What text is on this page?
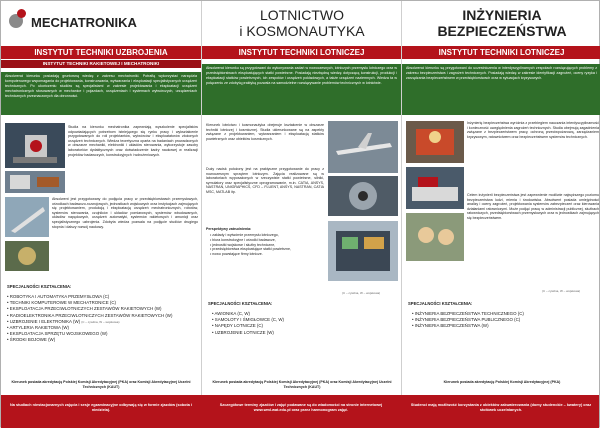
MECHATRONIKA
INSTYTUT TECHNIKI UZBROJENIA
INSTYTUT TECHNIKI RAKIETOWEJ I MECHATRONIKI
Absolwenci kierunku posiadają gruntowną wiedzę z zakresu mechatroniki. Potrafią wykorzystać narzędzia komputerowego wspomagania do projektowania, konstruowania, wytwarzania i eksploatacji specjalistycznych urządzeń technicznych. Po ukończeniu studiów są specjalistami w zakresie projektowania i eksploatacji urządzeń mechatronicznych stosowanych w mechanice i pojazdach, urządzeniach i systemach wytwórczych, urządzeniach technicznych przeznaczonych dla obronności.
Studia na kierunku mechatronika zapewniają wyszkolenie specjalistów odpowiadających potrzebom istniejącego się rynku pracy i wykształcenie przygotowanych do roli projektantów, wytwórców i eksploatatorów złożonych urządzeń technicznych. Wiedza teoretyczna oparta na badaniach prowadzonych w obszarze mechaniki, elektroniki i układów sterowania, wykorzystuje zasoby laboratoriów dydaktycznych oraz doświadczenie kadry naukowej w realizacji projektów badawczych, konstrukcyjnych i wdrożeniowych.
Absolwent jest przygotowany do podjęcia pracy w przedsiębiorstwach przemysłowych, ośrodkach badawczo-rozwojowych, jednostkach wojskowych oraz instytucjach zajmujących się projektowaniem, produkcją i eksploatacją urządzeń mechatronicznych, robotów, systemów sterowania, czujników i układów pomiarowych, systemów wbudowanych, układów napędowych, urządzeń automatyki, systemów rakietowych i amunicji oraz specjalistycznego uzbrojenia. Zdobyta wiedza pozwala na podjęcie studiów drugiego stopnia i dalszy rozwój naukowy.
SPECJALNOŚCI KSZTAŁCENIA:
• ROBOTYKA I AUTOMATYKA PRZEMYSŁOWA (C)
• TECHNIKI KOMPUTEROWE W MECHATRONICE (C)
• EKSPLOATACJA PRZECIWLOTNICZYCH ZESTAWÓW RAKIETOWYCH (W)
• RADIOELEKTRONIKA PRZECIWLOTNICZYCH ZESTAWÓW RAKIETOWYCH (W)
• UZBROJENIE I ELEKTRONIKA (W) (C – cywilna, W – wojskowa)
• ARTYLERIA RAKIETOWA (W)
• EKSPLOATACJA SPRZĘTU WOJSKOWEGO (W)
• ŚRODKI BOJOWE (W)
Kierunek posiada akredytację Polskiej Komisji Akredytacyjnej (PKA) oraz Komisji Akredytacyjnej Uczelni Technicznych (KAUT)
LOTNICTWO
i KOSMONAUTYKA
INSTYTUT TECHNIKI LOTNICZEJ
Absolwenci kierunku są przygotowani do wykonywania zadań w nowoczesnych, lotniczych przemysłu lotniczego oraz w przedsiębiorstwach eksploatujących statki powietrzne. Posiadają niezbędną wiedzę dotyczącą konstrukcji, produkcji i eksploatacji statków powietrznych, ich zespołów i urządzeń pokładowych, a także urządzeń naziemnych. Wiedza ta w połączeniu ze zdobytą praktyką pozwala na samodzielne rozwiązywanie problemów technicznych w lotnictwie.
Kierunek lotnictwo i kosmonautyka obejmuje kształcenie w obszarze techniki lotniczej i kosmicznej. Studia ukierunkowane są na aspekty związane z projektowaniem, wytwarzaniem i eksploatacją statków powietrznych oraz obiektów kosmicznych.
Duży nacisk położony jest na praktyczne przygotowanie do pracy z nowoczesnym sprzętem lotniczym. Zajęcia realizowane są w laboratoriach wyposażonych w rzeczywiste statki powietrzne, silniki, symulatory oraz specjalistyczne oprogramowanie, m.in. CATIA, ANSYS, NASTRAN, UNIGRAPHICS, CFD – FLUENT, ANSYS, NASTRAN, CATIA MSC, MATLAB itp.
Perspektywy zatrudnienia:
• zakłady i wytwórnie przemysłu lotniczego,
• biura konstrukcyjne i ośrodki badawcze,
• jednostki wojskowe i służby techniczne,
• przedsiębiorstwa eksploatujące statki powietrzne,
• nowo powstające firmy lotnicze.
(C – cywilna, W – wojskowa)
SPECJALNOŚCI KSZTAŁCENIA:
• AWIONIKA (C, W)
• SAMOLOTY I ŚMIGŁOWCE (C, W)
• NAPĘDY LOTNICZE (C)
• UZBROJENIE LOTNICZE (W)
Kierunek posiada akredytację Polskiej Komisji Akredytacyjnej (PKA) oraz Komisji Akredytacyjnej Uczelni Technicznych (KAUT)
INŻYNIERIA
BEZPIECZEŃSTWA
INSTYTUT TECHNIKI LOTNICZEJ
Absolwenci kierunku są przygotowani do uczestniczenia w interdyscyplinarnych zespołach rozwiązujących problemy z zakresu bezpieczeństwa i zagrożeń technicznych. Posiadają wiedzę w zakresie identyfikacji zagrożeń, oceny ryzyka i zarządzania bezpieczeństwem w przedsiębiorstwach oraz w sytuacjach kryzysowych.
Inżynierię bezpieczeństwa wyróżnia z przebiegiem nauczania interdyscyplinarność i konieczność uwzględnienia zagrożeń technicznych. Studia obejmują zagadnienia związane z bezpieczeństwem pracy, ochroną przeciwpożarową, zarządzaniem kryzysowym, ratownictwem oraz bezpieczeństwem systemów technicznych.
Celem inżynierii bezpieczeństwa jest zapewnienie możliwie najwyższego poziomu bezpieczeństwa ludzi, mienia i środowiska. Absolwent posiada umiejętności analizy i oceny zagrożeń, projektowania systemów zabezpieczeń oraz kierowania działaniami ratowniczymi. Może podjąć pracę w administracji publicznej, służbach ratowniczych, przedsiębiorstwach przemysłowych oraz w jednostkach zajmujących się bezpieczeństwem.
(C – cywilna, W – wojskowa)
SPECJALNOŚCI KSZTAŁCENIA:
• INŻYNIERIA BEZPIECZEŃSTWA TECHNICZNEGO (C)
• INŻYNIERIA BEZPIECZEŃSTWA PUBLICZNEGO (C)
• INŻYNIERIA BEZPIECZEŃSTWA (W)
Kierunek posiada akredytację Polskiej Komisji Akredytacyjnej (PKA)
Na studiach niestacjonarnych zajęcia i sesje egzaminacyjne odbywają się w formie zjazdów (sobota i niedziela).
Szczegółowe terminy zjazdów i zajęć podawane są do wiadomości na stronie internetowej www.wml.wat.edu.pl oraz przez harmonogram zajęć.
Studenci mają możliwość korzystania z obiektów zakwaterowania (domy studenckie – kwatery) oraz stołówek uczelnianych.
